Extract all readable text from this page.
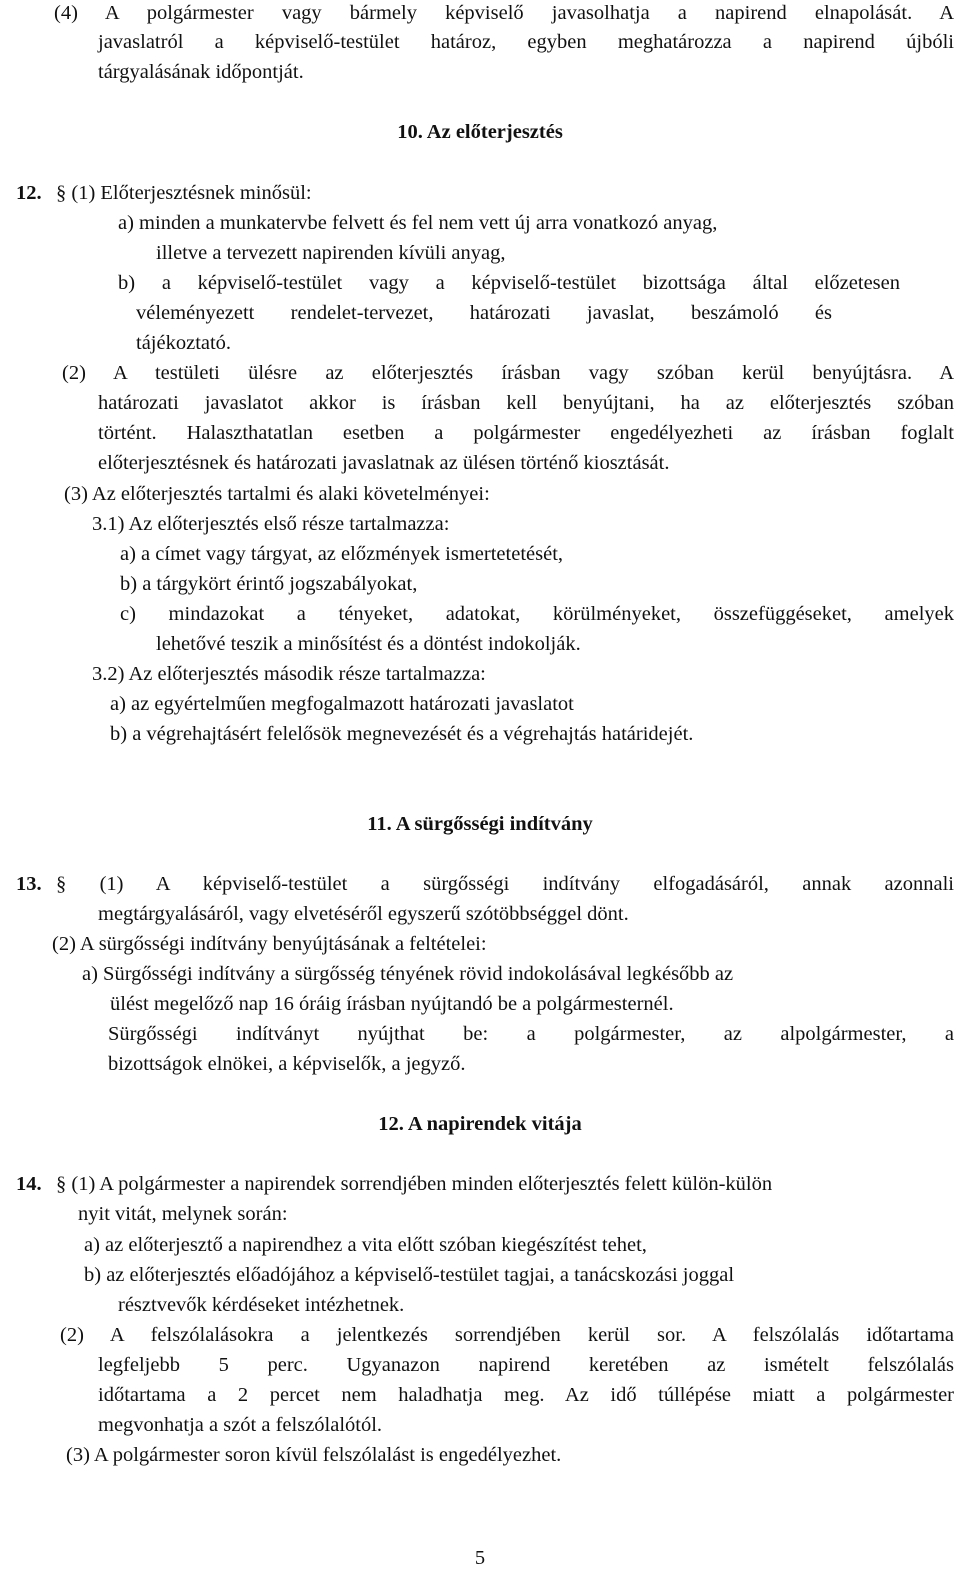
(4) A polgármester vagy bármely képviselő javasolhatja a napirend elnapolását. A
javaslatról a képviselő-testület határoz, egyben meghatározza a napirend újbóli
tárgyalásának időpontját.
10. Az előterjesztés
12. § (1) Előterjesztésnek minősül:
a) minden a munkatervbe felvett és fel nem vett új arra vonatkozó anyag,
illetve a tervezett napirenden kívüli anyag,
b) a képviselő-testület vagy a képviselő-testület bizottsága által előzetesen
véleményezett rendelet-tervezet, határozati javaslat, beszámoló és
tájékoztató.
(2) A testületi ülésre az előterjesztés írásban vagy szóban kerül benyújtásra. A
határozati javaslatot akkor is írásban kell benyújtani, ha az előterjesztés szóban
történt. Halaszthatatlan esetben a polgármester engedélyezheti az írásban foglalt
előterjesztésnek és határozati javaslatnak az ülésen történő kiosztását.
(3) Az előterjesztés tartalmi és alaki követelményei:
3.1) Az előterjesztés első része tartalmazza:
a) a címet vagy tárgyat, az előzmények ismertetetését,
b) a tárgykört érintő jogszabályokat,
c) mindazokat a tényeket, adatokat, körülményeket, összefüggéseket, amelyek
lehetővé teszik a minősítést és a döntést indokolják.
3.2) Az előterjesztés második része tartalmazza:
a) az egyértelműen megfogalmazott határozati javaslatot
b) a végrehajtásért felelősök megnevezését és a végrehajtás határidejét.
11. A sürgősségi indítvány
13. § (1) A képviselő-testület a sürgősségi indítvány elfogadásáról, annak azonnali
megtárgyalásáról, vagy elvetéséről egyszerű szótöbbséggel dönt.
(2) A sürgősségi indítvány benyújtásának a feltételei:
a) Sürgősségi indítvány a sürgősség tényének rövid indokolásával legkésőbb az
ülést megelőző nap 16 óráig írásban nyújtandó be a polgármesternél.
Sürgősségi indítványt nyújthat be: a polgármester, az alpolgármester, a
bizottságok elnökei, a képviselők, a jegyző.
12. A napirendek vitája
14. § (1) A polgármester a napirendek sorrendjében minden előterjesztés felett külön-külön
nyit vitát, melynek során:
a) az előterjesztő a napirendhez a vita előtt szóban kiegészítést tehet,
b) az előterjesztés előadójához a képviselő-testület tagjai, a tanácskozási joggal
résztvevők kérdéseket intézhetnek.
(2) A felszólalásokra a jelentkezés sorrendjében kerül sor. A felszólalás időtartama
legfeljebb 5 perc. Ugyanazon napirend keretében az ismételt felszólalás
időtartama a 2 percet nem haladhatja meg. Az idő túllépése miatt a polgármester
megvonhatja a szót a felszólalótól.
(3) A polgármester soron kívül felszólalást is engedélyezhet.
5
